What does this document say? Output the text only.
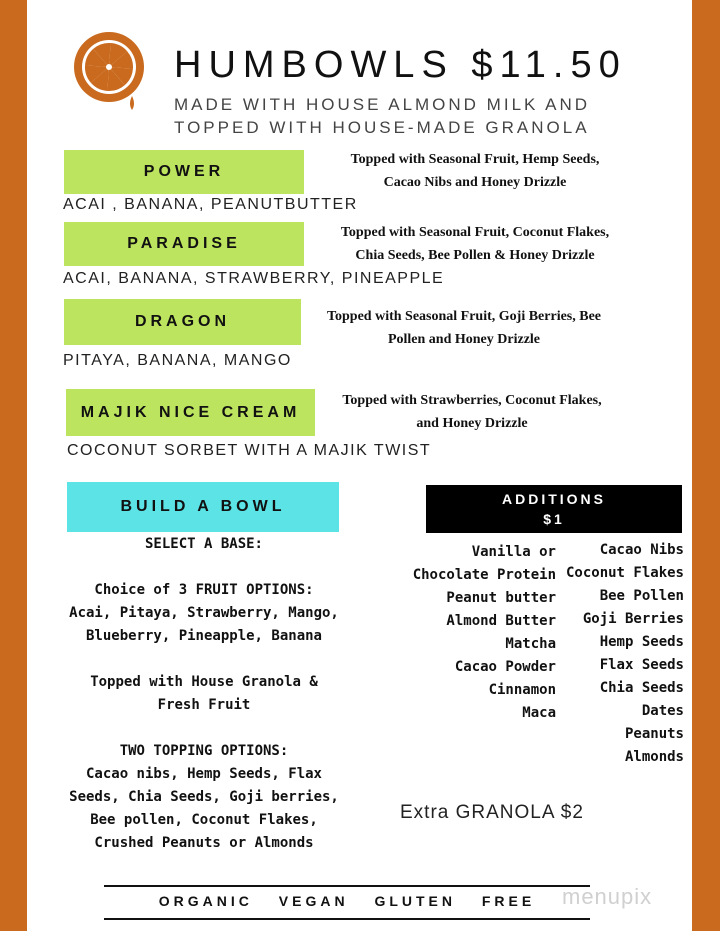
HUMBOWLS $11.50
MADE WITH HOUSE ALMOND MILK AND
TOPPED WITH HOUSE-MADE GRANOLA
POWER
Topped with Seasonal Fruit, Hemp Seeds,
Cacao Nibs and Honey Drizzle
ACAI , BANANA, PEANUTBUTTER
PARADISE
Topped with Seasonal Fruit, Coconut Flakes,
Chia Seeds, Bee Pollen & Honey Drizzle
ACAI, BANANA, STRAWBERRY, PINEAPPLE
DRAGON	Topped with Seasonal Fruit, Goji Berries, Bee
Pollen and Honey Drizzle
PITAYA, BANANA, MANGO
MAJIK NICE CREAM
Topped with Strawberries, Coconut Flakes,
and Honey Drizzle
COCONUT SORBET WITH A MAJIK TWIST
BUILD A BOWL
SELECT A BASE:
Choice of 3 FRUIT OPTIONS:
Acai, Pitaya, Strawberry, Mango,
Blueberry, Pineapple, Banana
Topped with House Granola &
Fresh Fruit
TWO TOPPING OPTIONS:
Cacao nibs, Hemp Seeds, Flax
Seeds, Chia Seeds, Goji berries,
Bee pollen, Coconut Flakes,
Crushed Peanuts or Almonds
ADDITIONS
$1
Vanilla or
Chocolate Protein
Peanut butter
Almond Butter
Matcha
Cacao Powder
Cinnamon
Maca
Cacao Nibs
Coconut Flakes
Bee Pollen
Goji Berries
Hemp Seeds
Flax Seeds
Chia Seeds
Dates
Peanuts
Almonds
Extra GRANOLA $2
ORGANIC VEGAN GLUTEN FREE	menupix
